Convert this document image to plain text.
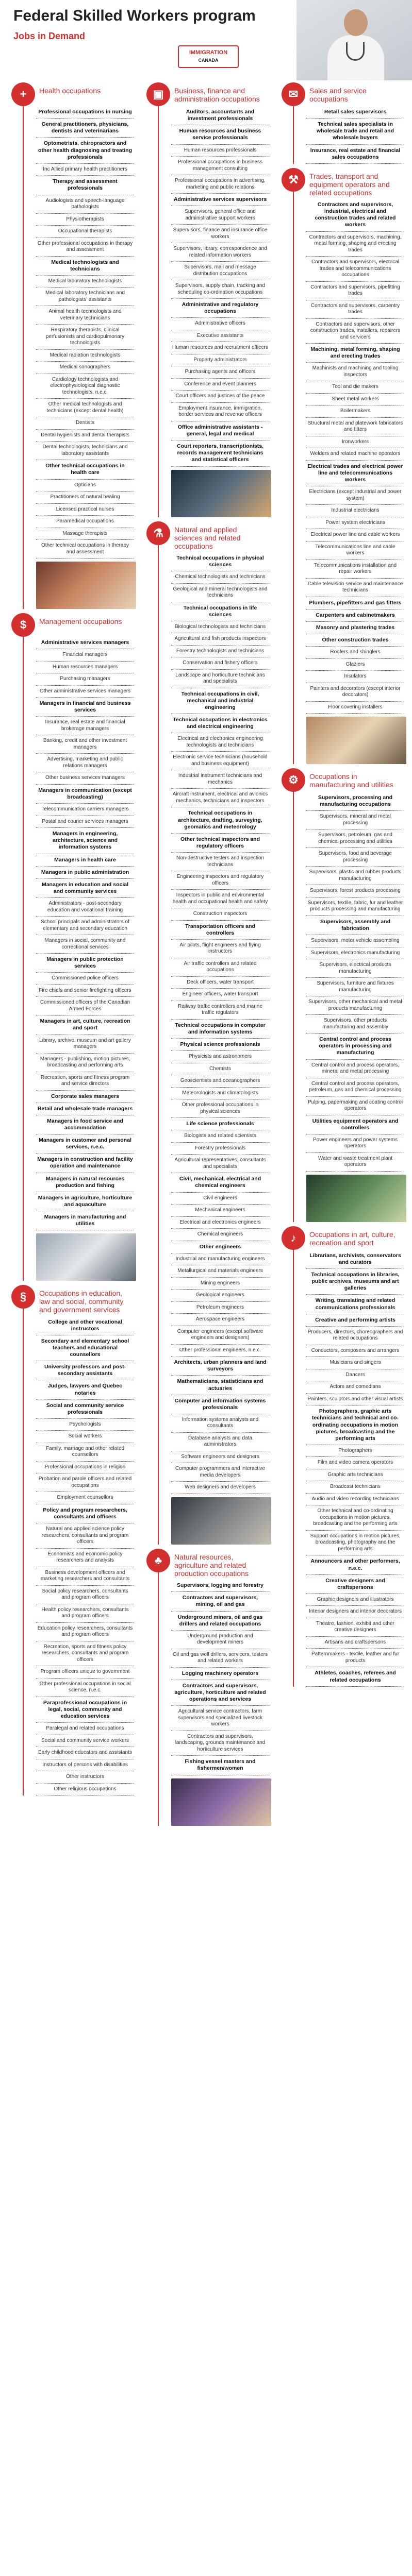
Federal Skilled Workers program
Jobs in Demand
IMMIGRATION
CANADA
+	Health occupations
Professional occupations in nursing
General practitioners, physicians, dentists and veterinarians
Optometrists, chiropractors and other health diagnosing and treating professionals
Inc Allied primary health practitioners
Therapy and assessment professionals
Audiologists and speech-language pathologists
Physiotherapists
Occupational therapists
Other professional occupations in therapy and assessment
Medical technologists and technicians
Medical laboratory technologists
Medical laboratory technicians and pathologists' assistants
Animal health technologists and veterinary technicians
Respiratory therapists, clinical perfusionists and cardiopulmonary technologists
Medical radiation technologists
Medical sonographers
Cardiology technologists and electrophysiological diagnostic technologists, n.e.c.
Other medical technologists and technicians (except dental health)
Dentists
Dental hygienists and dental therapists
Dental technologists, technicians and laboratory assistants
Other technical occupations in health care
Opticians
Practitioners of natural healing
Licensed practical nurses
Paramedical occupations
Massage therapists
Other technical occupations in therapy and assessment
$	Management occupations
Administrative services managers
Financial managers
Human resources managers
Purchasing managers
Other administrative services managers
Managers in financial and business services
Insurance, real estate and financial brokerage managers
Banking, credit and other investment managers
Advertising, marketing and public relations managers
Other business services managers
Managers in communication (except broadcasting)
Telecommunication carriers managers
Postal and courier services managers
Managers in engineering, architecture, science and information systems
Managers in health care
Managers in public administration
Managers in education and social and community services
Administrators - post-secondary education and vocational training
School principals and administrators of elementary and secondary education
Managers in social, community and correctional services
Managers in public protection services
Commissioned police officers
Fire chiefs and senior firefighting officers
Commissioned officers of the Canadian Armed Forces
Managers in art, culture, recreation and sport
Library, archive, museum and art gallery managers
Managers - publishing, motion pictures, broadcasting and performing arts
Recreation, sports and fitness program and service directors
Corporate sales managers
Retail and wholesale trade managers
Managers in food service and accommodation
Managers in customer and personal services, n.e.c.
Managers in construction and facility operation and maintenance
Managers in natural resources production and fishing
Managers in agriculture, horticulture and aquaculture
Managers in manufacturing and utilities
§	Occupations in education, law and social, community and government services
College and other vocational instructors
Secondary and elementary school teachers and educational counsellors
University professors and post-secondary assistants
Judges, lawyers and Quebec notaries
Social and community service professionals
Psychologists
Social workers
Family, marriage and other related counsellors
Professional occupations in religion
Probation and parole officers and related occupations
Employment counsellors
Policy and program researchers, consultants and officers
Natural and applied science policy researchers, consultants and program officers
Economists and economic policy researchers and analysts
Business development officers and marketing researchers and consultants
Social policy researchers, consultants and program officers
Health policy researchers, consultants and program officers
Education policy researchers, consultants and program officers
Recreation, sports and fitness policy researchers, consultants and program officers
Program officers unique to government
Other professional occupations in social science, n.e.c.
Paraprofessional occupations in legal, social, community and education services
Paralegal and related occupations
Social and community service workers
Early childhood educators and assistants
Instructors of persons with disabilities
Other instructors
Other religious occupations
▣	Business, finance and administration occupations
Auditors, accountants and investment professionals
Human resources and business service professionals
Human resources professionals
Professional occupations in business management consulting
Professional occupations in advertising, marketing and public relations
Administrative services supervisors
Supervisors, general office and administrative support workers
Supervisors, finance and insurance office workers
Supervisors, library, correspondence and related information workers
Supervisors, mail and message distribution occupations
Supervisors, supply chain, tracking and scheduling co-ordination occupations
Administrative and regulatory occupations
Administrative officers
Executive assistants
Human resources and recruitment officers
Property administrators
Purchasing agents and officers
Conference and event planners
Court officers and justices of the peace
Employment insurance, immigration, border services and revenue officers
Office administrative assistants - general, legal and medical
Court reporters, transcriptionists, records management technicians and statistical officers
⚗	Natural and applied sciences and related occupations
Technical occupations in physical sciences
Chemical technologists and technicians
Geological and mineral technologists and technicians
Technical occupations in life sciences
Biological technologists and technicians
Agricultural and fish products inspectors
Forestry technologists and technicians
Conservation and fishery officers
Landscape and horticulture technicians and specialists
Technical occupations in civil, mechanical and industrial engineering
Technical occupations in electronics and electrical engineering
Electrical and electronics engineering technologists and technicians
Electronic service technicians (household and business equipment)
Industrial instrument technicians and mechanics
Aircraft instrument, electrical and avionics mechanics, technicians and inspectors
Technical occupations in architecture, drafting, surveying, geomatics and meteorology
Other technical inspectors and regulatory officers
Non-destructive testers and inspection technicians
Engineering inspectors and regulatory officers
Inspectors in public and environmental health and occupational health and safety
Construction inspectors
Transportation officers and controllers
Air pilots, flight engineers and flying instructors
Air traffic controllers and related occupations
Deck officers, water transport
Engineer officers, water transport
Railway traffic controllers and marine traffic regulators
Technical occupations in computer and information systems
Physical science professionals
Physicists and astronomers
Chemists
Geoscientists and oceanographers
Meteorologists and climatologists
Other professional occupations in physical sciences
Life science professionals
Biologists and related scientists
Forestry professionals
Agricultural representatives, consultants and specialists
Civil, mechanical, electrical and chemical engineers
Civil engineers
Mechanical engineers
Electrical and electronics engineers
Chemical engineers
Other engineers
Industrial and manufacturing engineers
Metallurgical and materials engineers
Mining engineers
Geological engineers
Petroleum engineers
Aerospace engineers
Computer engineers (except software engineers and designers)
Other professional engineers, n.e.c.
Architects, urban planners and land surveyors
Mathematicians, statisticians and actuaries
Computer and information systems professionals
Information systems analysts and consultants
Database analysts and data administrators
Software engineers and designers
Computer programmers and interactive media developers
Web designers and developers
♣	Natural resources, agriculture and related production occupations
Supervisors, logging and forestry
Contractors and supervisors, mining, oil and gas
Underground miners, oil and gas drillers and related occupations
Underground production and development miners
Oil and gas well drillers, servicers, testers and related workers
Logging machinery operators
Contractors and supervisors, agriculture, horticulture and related operations and services
Agricultural service contractors, farm supervisors and specialized livestock workers
Contractors and supervisors, landscaping, grounds maintenance and horticulture services
Fishing vessel masters and fishermen/women
✉	Sales and service occupations
Retail sales supervisors
Technical sales specialists in wholesale trade and retail and wholesale buyers
Insurance, real estate and financial sales occupations
⚒	Trades, transport and equipment operators and related occupations
Contractors and supervisors, industrial, electrical and construction trades and related workers
Contractors and supervisors, machining, metal forming, shaping and erecting trades
Contractors and supervisors, electrical trades and telecommunications occupations
Contractors and supervisors, pipefitting trades
Contractors and supervisors, carpentry trades
Contractors and supervisors, other construction trades, installers, repairers and servicers
Machining, metal forming, shaping and erecting trades
Machinists and machining and tooling inspectors
Tool and die makers
Sheet metal workers
Boilermakers
Structural metal and platework fabricators and fitters
Ironworkers
Welders and related machine operators
Electrical trades and electrical power line and telecommunications workers
Electricians (except industrial and power system)
Industrial electricians
Power system electricians
Electrical power line and cable workers
Telecommunications line and cable workers
Telecommunications installation and repair workers
Cable television service and maintenance technicians
Plumbers, pipefitters and gas fitters
Carpenters and cabinetmakers
Masonry and plastering trades
Other construction trades
Roofers and shinglers
Glaziers
Insulators
Painters and decorators (except interior decorators)
Floor covering installers
⚙	Occupations in manufacturing and utilities
Supervisors, processing and manufacturing occupations
Supervisors, mineral and metal processing
Supervisors, petroleum, gas and chemical processing and utilities
Supervisors, food and beverage processing
Supervisors, plastic and rubber products manufacturing
Supervisors, forest products processing
Supervisors, textile, fabric, fur and leather products processing and manufacturing
Supervisors, assembly and fabrication
Supervisors, motor vehicle assembling
Supervisors, electronics manufacturing
Supervisors, electrical products manufacturing
Supervisors, furniture and fixtures manufacturing
Supervisors, other mechanical and metal products manufacturing
Supervisors, other products manufacturing and assembly
Central control and process operators in processing and manufacturing
Central control and process operators, mineral and metal processing
Central control and process operators, petroleum, gas and chemical processing
Pulping, papermaking and coating control operators
Utilities equipment operators and controllers
Power engineers and power systems operators
Water and waste treatment plant operators
♪	Occupations in art, culture, recreation and sport
Librarians, archivists, conservators and curators
Technical occupations in libraries, public archives, museums and art galleries
Writing, translating and related communications professionals
Creative and performing artists
Producers, directors, choreographers and related occupations
Conductors, composers and arrangers
Musicians and singers
Dancers
Actors and comedians
Painters, sculptors and other visual artists
Photographers, graphic arts technicians and technical and co-ordinating occupations in motion pictures, broadcasting and the performing arts
Photographers
Film and video camera operators
Graphic arts technicians
Broadcast technicians
Audio and video recording technicians
Other technical and co-ordinating occupations in motion pictures, broadcasting and the performing arts
Support occupations in motion pictures, broadcasting, photography and the performing arts
Announcers and other performers, n.e.c.
Creative designers and craftspersons
Graphic designers and illustrators
Interior designers and interior decorators
Theatre, fashion, exhibit and other creative designers
Artisans and craftspersons
Patternmakers - textile, leather and fur products
Athletes, coaches, referees and related occupations
